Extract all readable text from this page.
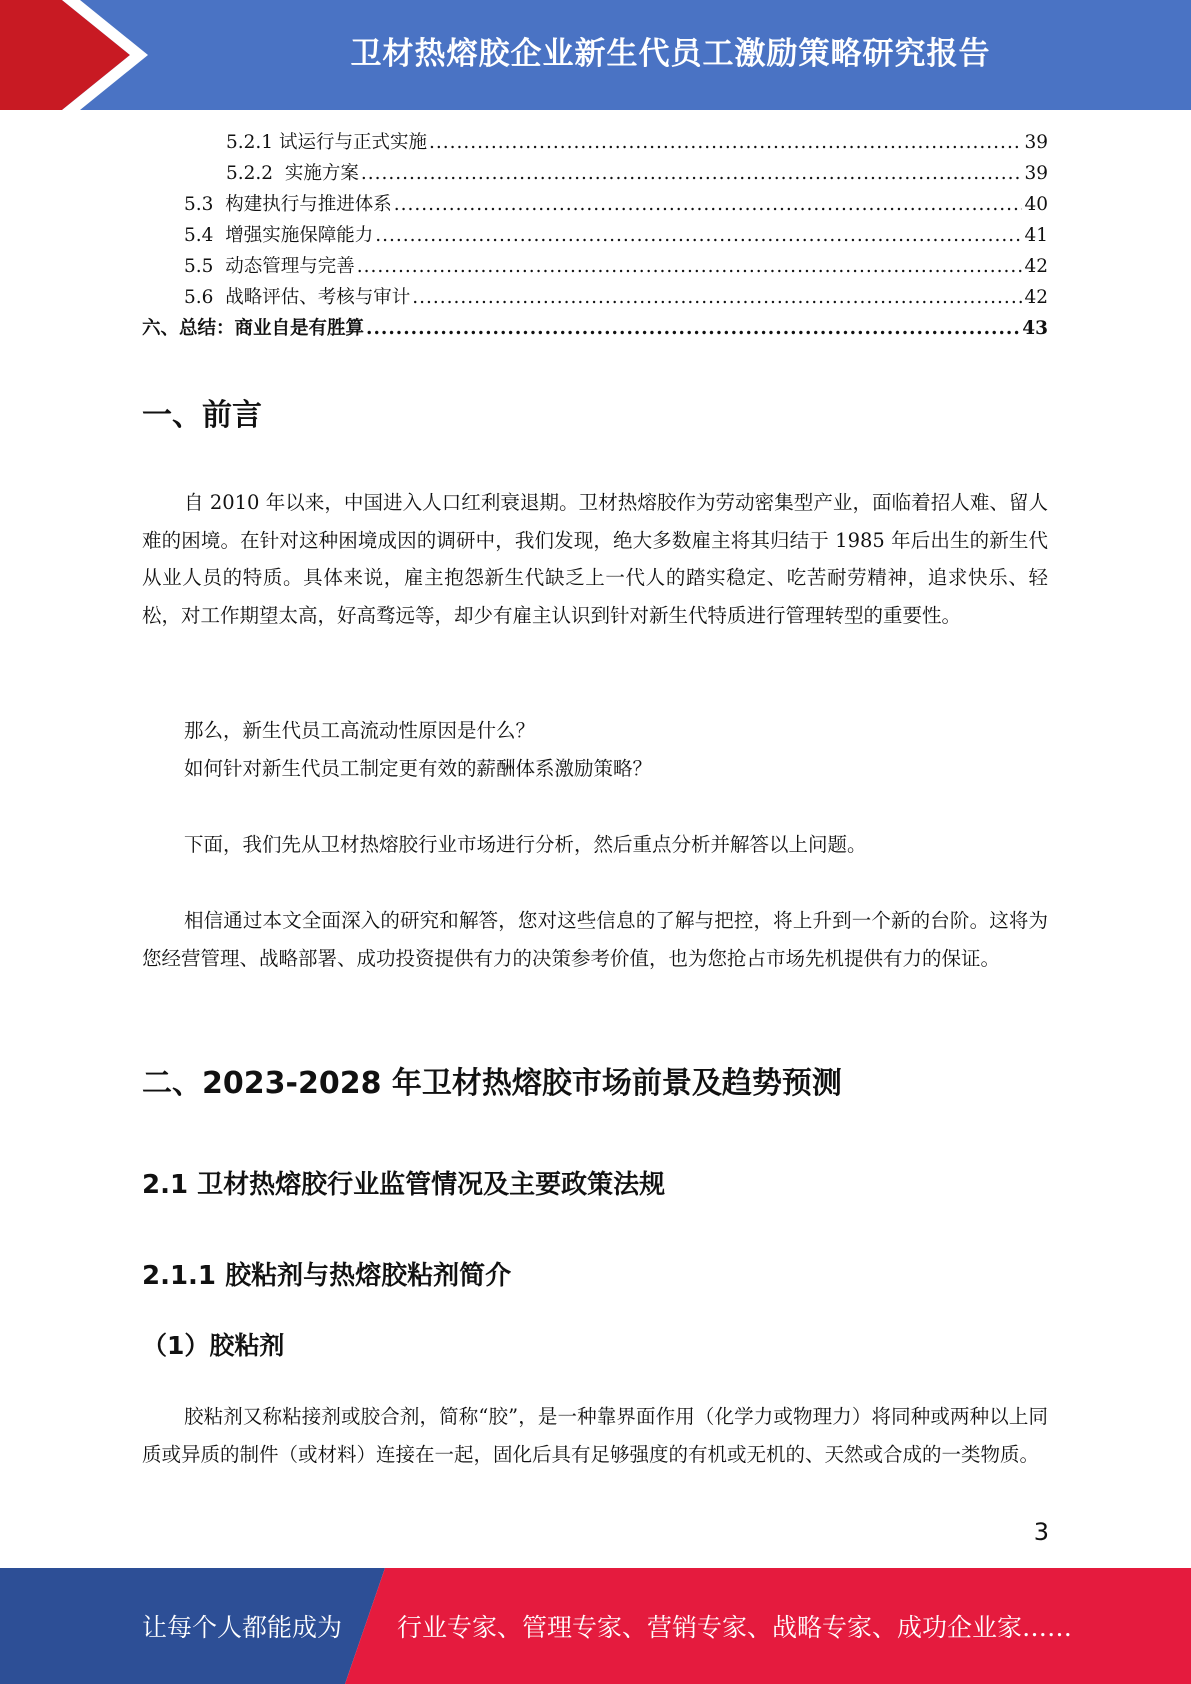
卫材热熔胶企业新生代员工激励策略研究报告
5.2.1 试运行与正式实施 .....	39
5.2.2 实施方案 .....	39
5.3 构建执行与推进体系 .....	40
5.4 增强实施保障能力 .....	41
5.5 动态管理与完善 .....	42
5.6 战略评估、考核与审计 .....	42
六、总结：商业自是有胜算 .....	43
一、前言

自 2010 年以来，中国进入人口红利衰退期。卫材热熔胶作为劳动密集型产业，面临着招人难、留人难的困境。在针对这种困境成因的调研中，我们发现，绝大多数雇主将其归结于 1985 年后出生的新生代从业人员的特质。具体来说，雇主抱怨新生代缺乏上一代人的踏实稳定、吃苦耐劳精神，追求快乐、轻松，对工作期望太高，好高骛远等，却少有雇主认识到针对新生代特质进行管理转型的重要性。

那么，新生代员工高流动性原因是什么？

如何针对新生代员工制定更有效的薪酬体系激励策略？

下面，我们先从卫材热熔胶行业市场进行分析，然后重点分析并解答以上问题。

相信通过本文全面深入的研究和解答，您对这些信息的了解与把控，将上升到一个新的台阶。这将为您经营管理、战略部署、成功投资提供有力的决策参考价值，也为您抢占市场先机提供有力的保证。

二、2023-2028 年卫材热熔胶市场前景及趋势预测
2.1 卫材热熔胶行业监管情况及主要政策法规
2.1.1 胶粘剂与热熔胶粘剂简介
（1）胶粘剂

胶粘剂又称粘接剂或胶合剂，简称“胶”，是一种靠界面作用（化学力或物理力）将同种或两种以上同质或异质的制件（或材料）连接在一起，固化后具有足够强度的有机或无机的、天然或合成的一类物质。

3
让每个人都能成为 行业专家、管理专家、营销专家、战略专家、成功企业家……
